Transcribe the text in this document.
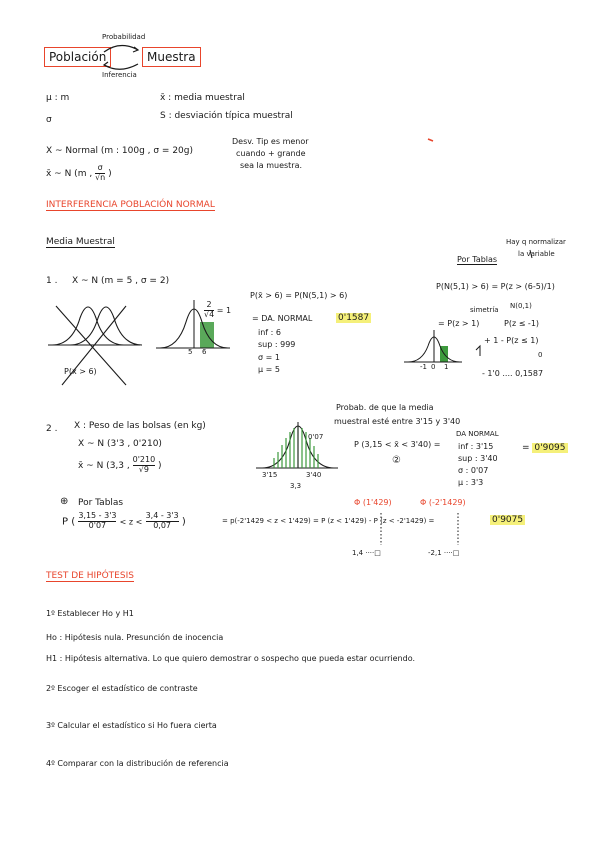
Probabilidad
Población	Muestra
Inferencia
μ : m
σ
x̄ : media muestral
S : desviación típica muestral
X ~ Normal (m : 100g , σ = 20g)
x̄ ~ N (m , $\frac{\sigma}{√n}$ )
Desv. Tip es menor
cuando + grande
sea la muestra.
INTERFERENCIA POBLACIÓN NORMAL
Media Muestral	Hay q normalizar
la variable
Por Tablas
1 . X ~ N (m = 5 , σ = 2)
P(x > 6)
$\frac{2}{√4} = 1$
5 6
P(x̄ > 6) = P(N(5,1) > 6)
= DA. NORMAL	0'1587
inf : 6
sup : 999
σ = 1
μ = 5
P(N(5,1) > 6) = P(z > (6-5)/1)
N(0,1)
simetría
= P(z > 1)	P(z ≤ -1)
+ 1 - P(z ≤ 1)
0
- 1'0 .... 0,1587
-1 0 1
2 . X : Peso de las bolsas (en kg)
X ~ N (3'3 , 0'210)
x̄ ~ N (3,3 , $\frac{0'210}{√9}$ )
0'07
3'15	3'40
3,3
Probab. de que la media
muestral esté entre 3'15 y 3'40
P (3,15 < x̄ < 3'40) =
②
DA NORMAL
inf : 3'15
sup : 3'40
σ : 0'07
μ : 3'3
= 0'9095
⊕ Por Tablas	Φ (1'429)	Φ (-2'1429)
P ( $\frac{3,15 - 3'3}{0'07} < z < \frac{3,4 - 3'3}{0,07}$ )	= p(-2'1429 < z < 1'429) = P (z < 1'429) - P (z < -2'1429) =	0'9075
1,4 ····□	-2,1 ····□
TEST DE HIPÓTESIS
1º Establecer Ho y H1
Ho : Hipótesis nula. Presunción de inocencia
H1 : Hipótesis alternativa. Lo que quiero demostrar o sospecho que pueda estar ocurriendo.
2º Escoger el estadístico de contraste
3º Calcular el estadístico si Ho fuera cierta
4º Comparar con la distribución de referencia
